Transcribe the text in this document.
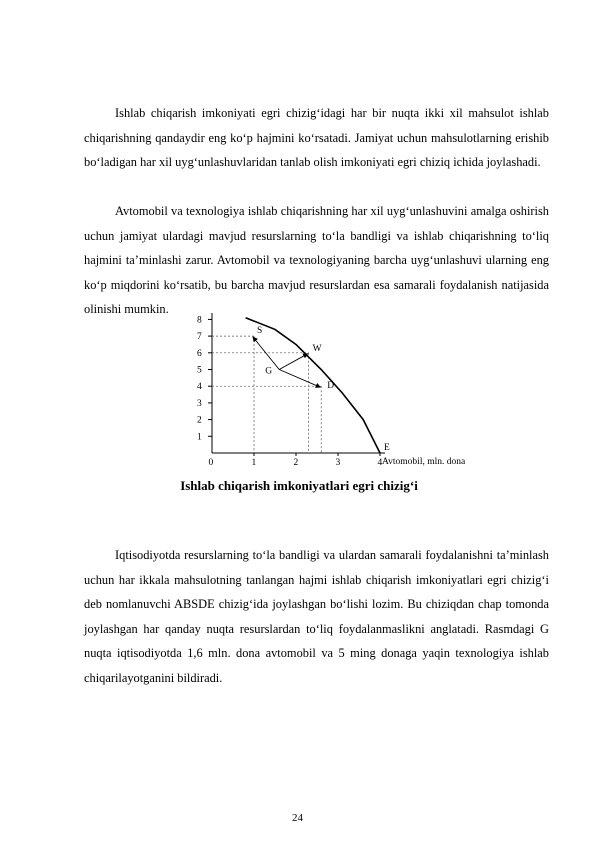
Ishlab chiqarish imkoniyati egri chizig‘idagi har bir nuqta ikki xil mahsulot ishlab chiqarishning qandaydir eng ko‘p hajmini ko‘rsatadi. Jamiyat uchun mahsulotlarning erishib bo‘ladigan har xil uyg‘unlashuvlaridan tanlab olish imkoniyati egri chiziq ichida joylashadi.

Avtomobil va texnologiya ishlab chiqarishning har xil uyg‘unlashuvini amalga oshirish uchun jamiyat ulardagi mavjud resurslarning to‘la bandligi va ishlab chiqarishning to‘liq hajmini ta’minlashi zarur. Avtomobil va texnologiyaning barcha uyg‘unlashuvi ularning eng ko‘p miqdorini ko‘rsatib, bu barcha mavjud resurslardan esa samarali foydalanish natijasida olinishi mumkin.

1
2
3
4
5
6
7
8
0	1	2	3	4
S
W
G
D
E
Avtomobil, mln. dona
Ishlab chiqarish imkoniyatlari egri chizig‘i

Iqtisodiyotda resurslarning to‘la bandligi va ulardan samarali foydalanishni ta’minlash uchun har ikkala mahsulotning tanlangan hajmi ishlab chiqarish imkoniyatlari egri chizig‘i deb nomlanuvchi ABSDE chizig‘ida joylashgan bo‘lishi lozim. Bu chiziqdan chap tomonda joylashgan har qanday nuqta resurslardan to‘liq foydalanmaslikni anglatadi. Rasmdagi G nuqta iqtisodiyotda 1,6 mln. dona avtomobil va 5 ming donaga yaqin texnologiya ishlab chiqarilayotganini bildiradi.

24
